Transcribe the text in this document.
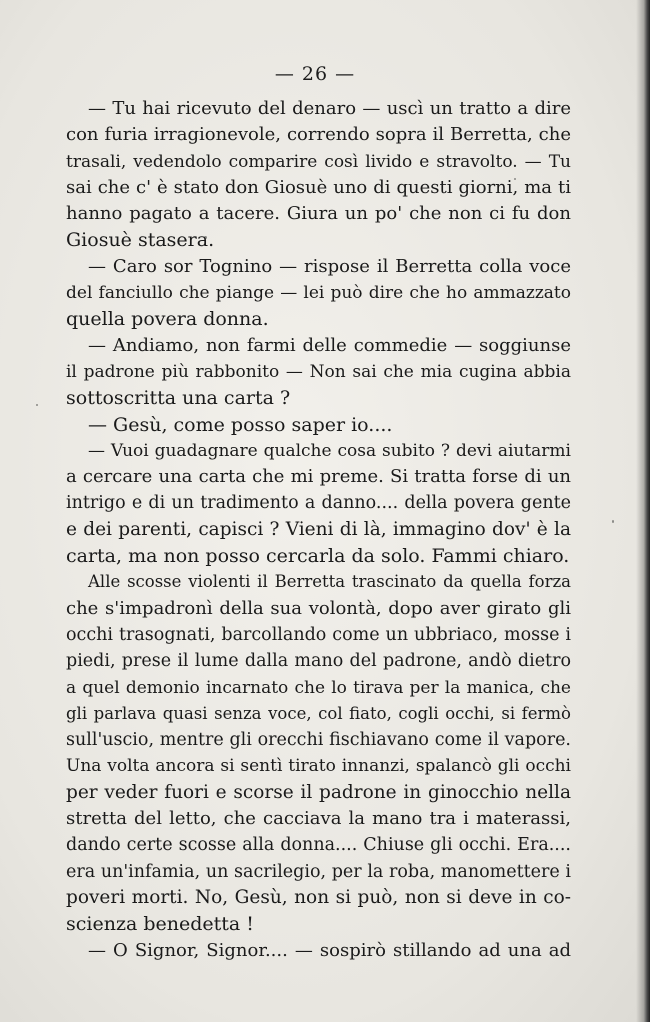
— 26 —
— Tu hai ricevuto del denaro — uscì un tratto a dire
con furia irragionevole, correndo sopra il Berretta, che
trasali, vedendolo comparire così livido e stravolto. — Tu
sai che c' è stato don Giosuè uno di questi giorni, ma ti
hanno pagato a tacere. Giura un po' che non ci fu don
Giosuè stasera.
— Caro sor Tognino — rispose il Berretta colla voce
del fanciullo che piange — lei può dire che ho ammazzato
quella povera donna.
— Andiamo, non farmi delle commedie — soggiunse
il padrone più rabbonito — Non sai che mia cugina abbia
sottoscritta una carta ?
— Gesù, come posso saper io....
— Vuoi guadagnare qualche cosa subito ? devi aiutarmi
a cercare una carta che mi preme. Si tratta forse di un
intrigo e di un tradimento a danno.... della povera gente
e dei parenti, capisci ? Vieni di là, immagino dov' è la
carta, ma non posso cercarla da solo. Fammi chiaro.
Alle scosse violenti il Berretta trascinato da quella forza
che s'impadronì della sua volontà, dopo aver girato gli
occhi trasognati, barcollando come un ubbriaco, mosse i
piedi, prese il lume dalla mano del padrone, andò dietro
a quel demonio incarnato che lo tirava per la manica, che
gli parlava quasi senza voce, col fiato, cogli occhi, si fermò
sull'uscio, mentre gli orecchi fischiavano come il vapore.
Una volta ancora si sentì tirato innanzi, spalancò gli occhi
per veder fuori e scorse il padrone in ginocchio nella
stretta del letto, che cacciava la mano tra i materassi,
dando certe scosse alla donna.... Chiuse gli occhi. Era....
era un'infamia, un sacrilegio, per la roba, manomettere i
poveri morti. No, Gesù, non si può, non si deve in co-
scienza benedetta !
— O Signor, Signor.... — sospirò stillando ad una ad
